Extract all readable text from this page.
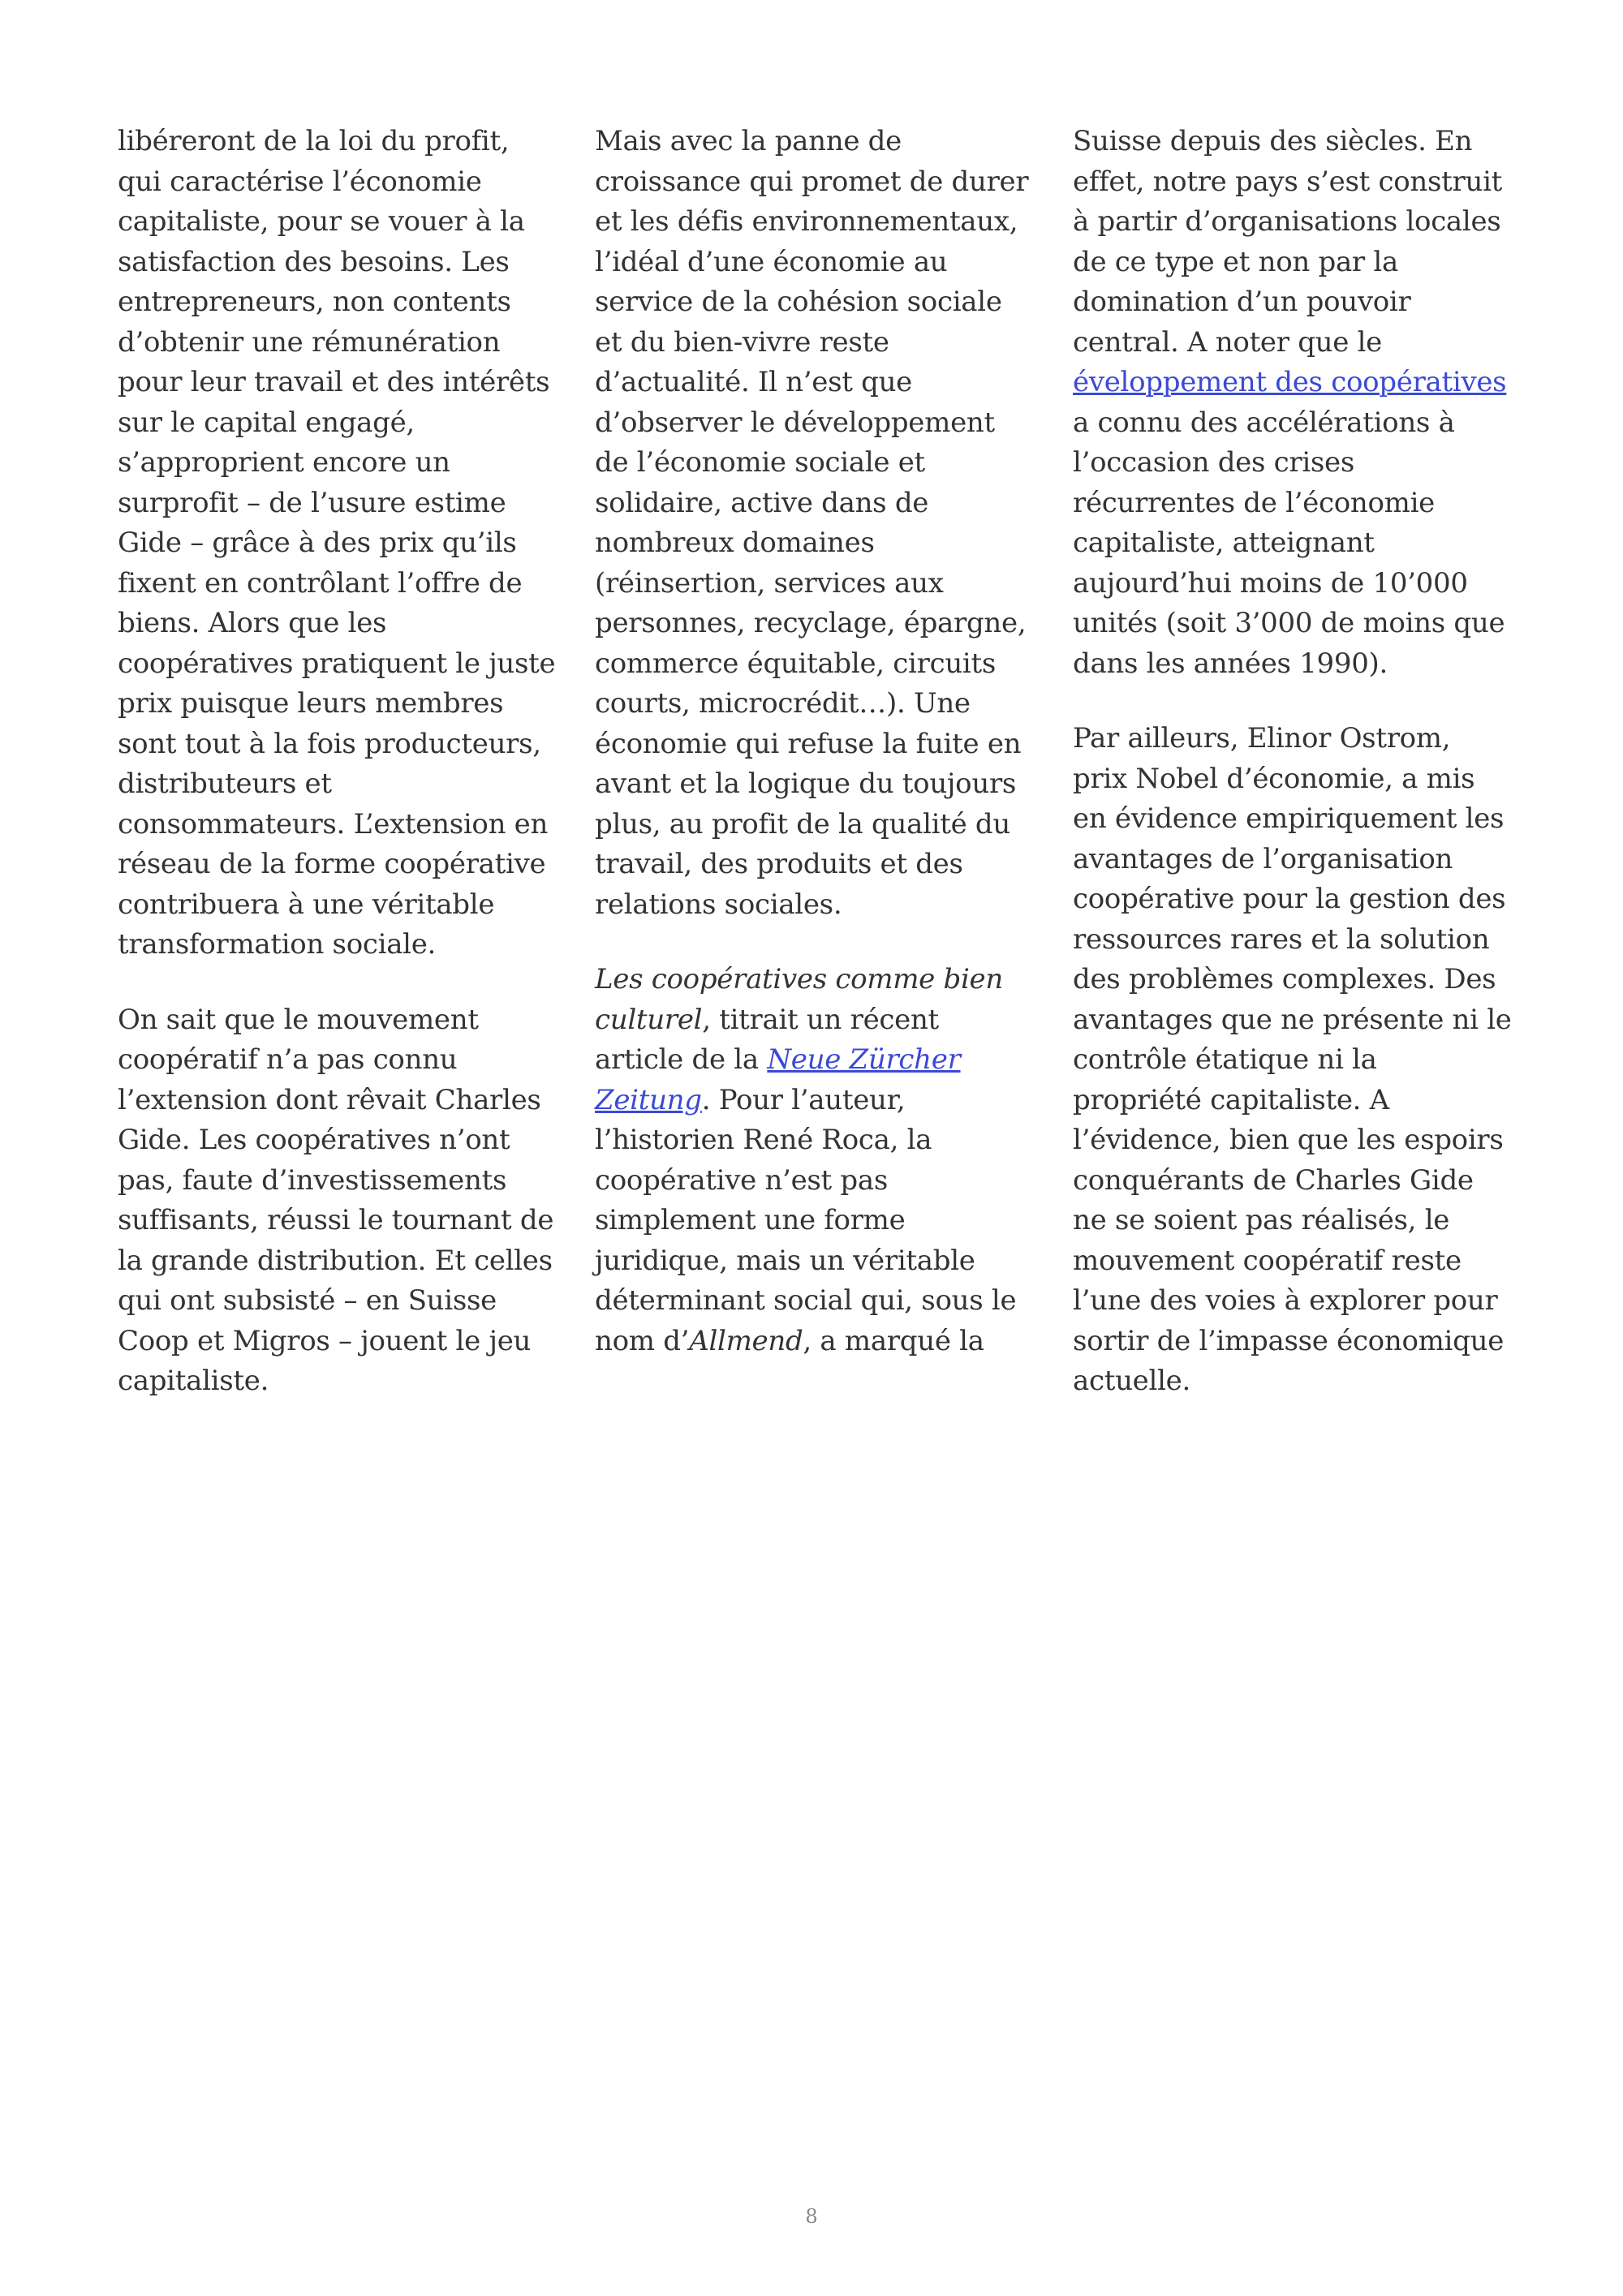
libéreront de la loi du profit,
qui caractérise l’économie
capitaliste, pour se vouer à la
satisfaction des besoins. Les
entrepreneurs, non contents
d’obtenir une rémunération
pour leur travail et des intérêts
sur le capital engagé,
s’approprient encore un
surprofit – de l’usure estime
Gide – grâce à des prix qu’ils
fixent en contrôlant l’offre de
biens. Alors que les
coopératives pratiquent le juste
prix puisque leurs membres
sont tout à la fois producteurs,
distributeurs et
consommateurs. L’extension en
réseau de la forme coopérative
contribuera à une véritable
transformation sociale.
On sait que le mouvement
coopératif n’a pas connu
l’extension dont rêvait Charles
Gide. Les coopératives n’ont
pas, faute d’investissements
suffisants, réussi le tournant de
la grande distribution. Et celles
qui ont subsisté – en Suisse
Coop et Migros – jouent le jeu
capitaliste.
Mais avec la panne de
croissance qui promet de durer
et les défis environnementaux,
l’idéal d’une économie au
service de la cohésion sociale
et du bien-vivre reste
d’actualité. Il n’est que
d’observer le développement
de l’économie sociale et
solidaire, active dans de
nombreux domaines
(réinsertion, services aux
personnes, recyclage, épargne,
commerce équitable, circuits
courts, microcrédit…). Une
économie qui refuse la fuite en
avant et la logique du toujours
plus, au profit de la qualité du
travail, des produits et des
relations sociales.
Les coopératives comme bien
culturel, titrait un récent
article de la Neue Zürcher
Zeitung. Pour l’auteur,
l’historien René Roca, la
coopérative n’est pas
simplement une forme
juridique, mais un véritable
déterminant social qui, sous le
nom d’Allmend, a marqué la
Suisse depuis des siècles. En
effet, notre pays s’est construit
à partir d’organisations locales
de ce type et non par la
domination d’un pouvoir
central. A noter que le
éveloppement des coopératives
a connu des accélérations à
l’occasion des crises
récurrentes de l’économie
capitaliste, atteignant
aujourd’hui moins de 10’000
unités (soit 3’000 de moins que
dans les années 1990).
Par ailleurs, Elinor Ostrom,
prix Nobel d’économie, a mis
en évidence empiriquement les
avantages de l’organisation
coopérative pour la gestion des
ressources rares et la solution
des problèmes complexes. Des
avantages que ne présente ni le
contrôle étatique ni la
propriété capitaliste. A
l’évidence, bien que les espoirs
conquérants de Charles Gide
ne se soient pas réalisés, le
mouvement coopératif reste
l’une des voies à explorer pour
sortir de l’impasse économique
actuelle.
8
